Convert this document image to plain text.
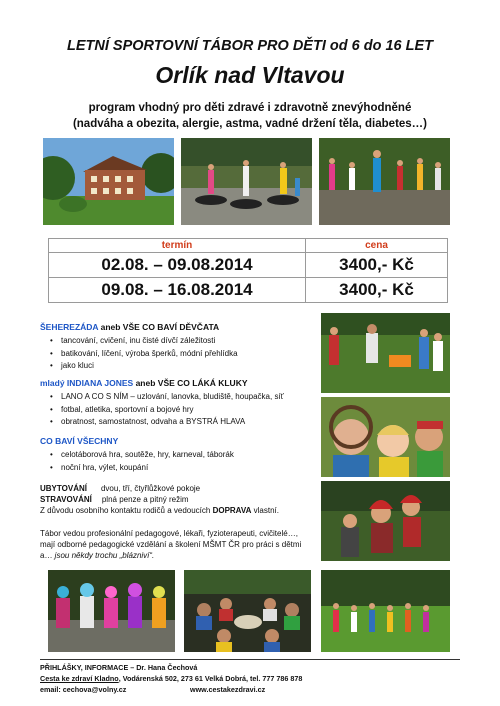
LETNÍ SPORTOVNÍ TÁBOR PRO DĚTI od 6 do 16 LET
Orlík nad Vltavou
program vhodný pro děti zdravé i zdravotně znevýhodněné
(nadváha a obezita, alergie, astma, vadné držení těla, diabetes…)
termín	cena
02.08. – 09.08.2014	3400,- Kč
09.08. – 16.08.2014	3400,- Kč
ŠEHEREZÁDA aneb VŠE CO BAVÍ DĚVČATA
• tancování, cvičení, inu čisté dívčí záležitosti
• batikování, líčení, výroba šperků, módní přehlídka
• jako kluci
mladý INDIANA JONES aneb VŠE CO LÁKÁ KLUKY
• LANO A CO S NÍM – uzlování, lanovka, bludiště, houpačka, síť
• fotbal, atletika, sportovní a bojové hry
• obratnost, samostatnost, odvaha a BYSTRÁ HLAVA
CO BAVÍ VŠECHNY
• celotáborová hra, soutěže, hry, karneval, táborák
• noční hra, výlet, koupání
UBYTOVÁNÍ dvou, tří, čtyřlůžkové pokoje
STRAVOVÁNÍ plná penze a pitný režim
Z důvodu osobního kontaktu rodičů a vedoucích DOPRAVA vlastní.
Tábor vedou profesionální pedagogové, lékaři, fyzioterapeuti, cvičitelé…,
mají odborné pedagogické vzdělání a školení MŠMT ČR pro práci s dětmi
a… jsou někdy trochu „blázniví“.
PŘIHLÁŠKY, INFORMACE – Dr. Hana Čechová
Cesta ke zdraví Kladno, Vodárenská 502, 273 61 Velká Dobrá, tel. 777 786 878
email: cechova@volny.cz	www.cestakezdravi.cz
